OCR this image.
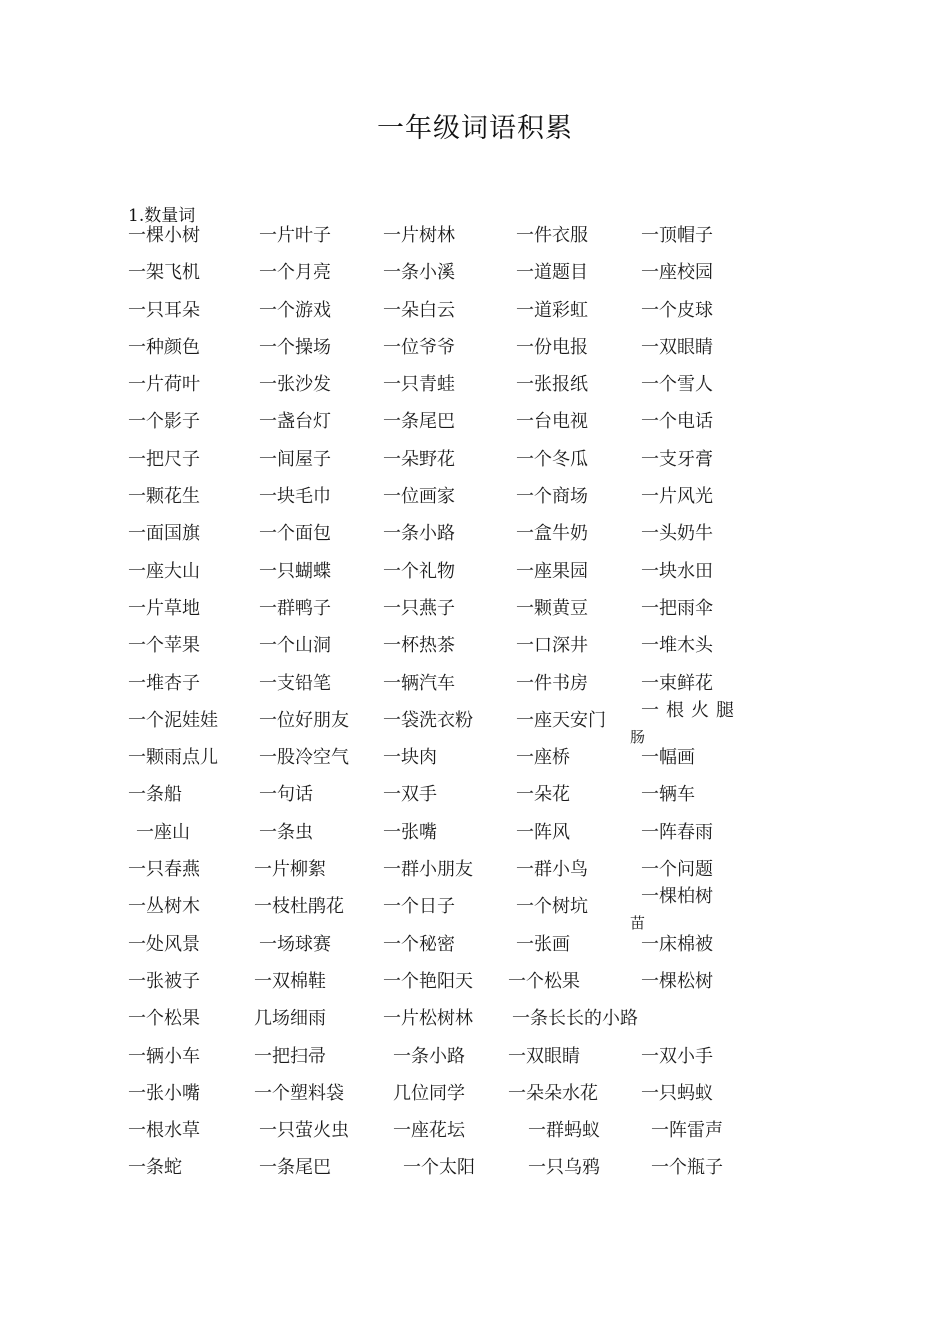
一年级词语积累
1.数量词
一棵小树	一片叶子	一片树林	一件衣服	一顶帽子
一架飞机	一个月亮	一条小溪	一道题目	一座校园
一只耳朵	一个游戏	一朵白云	一道彩虹	一个皮球
一种颜色	一个操场	一位爷爷	一份电报	一双眼睛
一片荷叶	一张沙发	一只青蛙	一张报纸	一个雪人
一个影子	一盏台灯	一条尾巴	一台电视	一个电话
一把尺子	一间屋子	一朵野花	一个冬瓜	一支牙膏
一颗花生	一块毛巾	一位画家	一个商场	一片风光
一面国旗	一个面包	一条小路	一盒牛奶	一头奶牛
一座大山	一只蝴蝶	一个礼物	一座果园	一块水田
一片草地	一群鸭子	一只燕子	一颗黄豆	一把雨伞
一个苹果	一个山洞	一杯热茶	一口深井	一堆木头
一堆杏子	一支铅笔	一辆汽车	一件书房	一束鲜花
一个泥娃娃 一位好朋友 一袋洗衣粉 一座天安门 一根火腿
肠
一颗雨点儿 一股冷空气 一块肉	一座桥	一幅画
一条船	一句话	一双手	一朵花	一辆车
一座山	一条虫	一张嘴	一阵风	一阵春雨
一只春燕	一片柳絮	一群小朋友 一群小鸟	一个问题
一丛树木	一枝杜鹃花 一个日子	一个树坑	一棵柏树
苗
一处风景	一场球赛	一个秘密	一张画	一床棉被
一张被子	一双棉鞋	一个艳阳天 一个松果	一棵松树
一个松果	几场细雨	一片松树林 一条长长的小路
一辆小车	一把扫帚	一条小路 一双眼睛	一双小手
一张小嘴	一个塑料袋	几位同学 一朵朵水花 一只蚂蚁
一根水草	一只萤火虫 一座花坛	一群蚂蚁	一阵雷声
一条蛇	一条尾巴	一个太阳	一只乌鸦	一个瓶子
